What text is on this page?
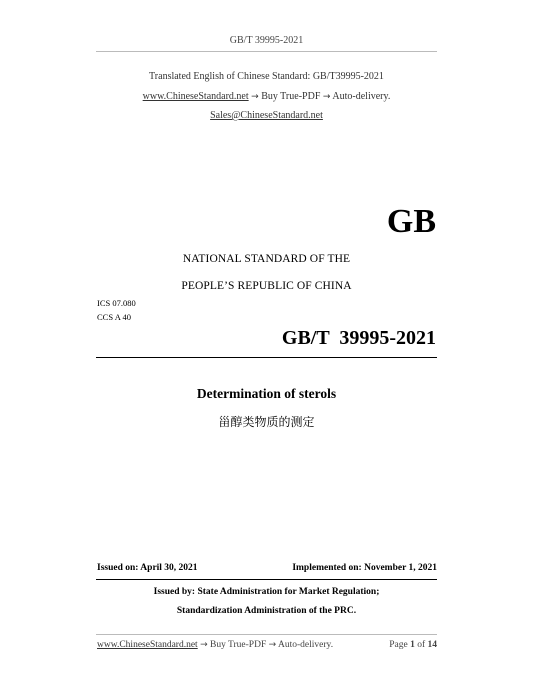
GB/T 39995-2021
Translated English of Chinese Standard: GB/T39995-2021
www.ChineseStandard.net → Buy True-PDF → Auto-delivery.
Sales@ChineseStandard.net
GB
NATIONAL STANDARD OF THE
PEOPLE’S REPUBLIC OF CHINA
ICS 07.080
CCS A 40
GB/T  39995-2021
Determination of sterols
甾醇类物质的测定
Issued on: April 30, 2021	Implemented on: November 1, 2021
Issued by: State Administration for Market Regulation;
Standardization Administration of the PRC.
www.ChineseStandard.net → Buy True-PDF → Auto-delivery.	Page 1 of 14
